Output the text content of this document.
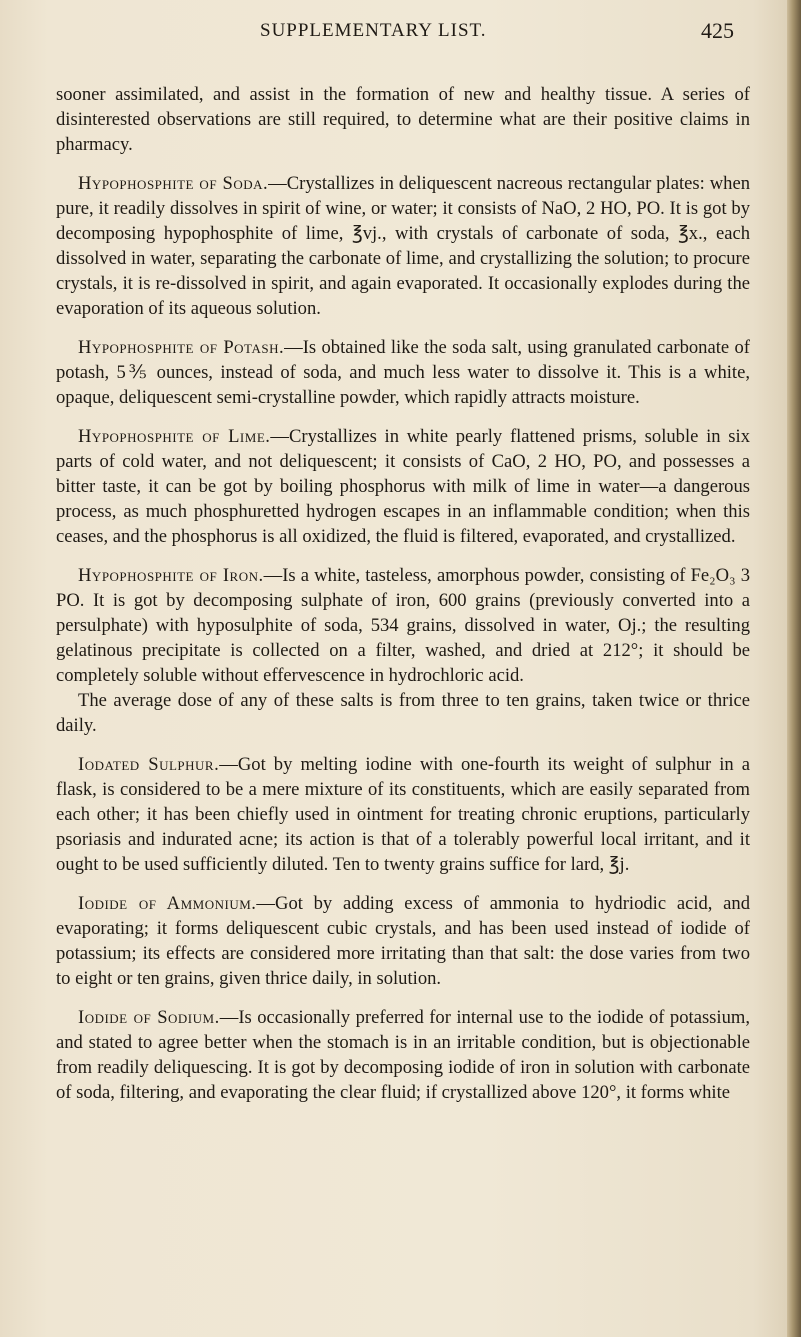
SUPPLEMENTARY LIST.	425

sooner assimilated, and assist in the formation of new and healthy tissue. A series of disinterested observations are still required, to determine what are their positive claims in pharmacy.

Hypophosphite of Soda.—Crystallizes in deliquescent nacreous rectangular plates: when pure, it readily dissolves in spirit of wine, or water; it consists of NaO, 2 HO, PO. It is got by decomposing hypophosphite of lime, ℥vj., with crystals of carbonate of soda, ℥x., each dissolved in water, separating the carbonate of lime, and crystallizing the solution; to procure crystals, it is re-dissolved in spirit, and again evaporated. It occasionally explodes during the evaporation of its aqueous solution.

Hypophosphite of Potash.—Is obtained like the soda salt, using granulated carbonate of potash, 5⅗ ounces, instead of soda, and much less water to dissolve it. This is a white, opaque, deliquescent semi-crystalline powder, which rapidly attracts moisture.

Hypophosphite of Lime.—Crystallizes in white pearly flattened prisms, soluble in six parts of cold water, and not deliquescent; it consists of CaO, 2 HO, PO, and possesses a bitter taste, it can be got by boiling phosphorus with milk of lime in water—a dangerous process, as much phosphuretted hydrogen escapes in an inflammable condition; when this ceases, and the phosphorus is all oxidized, the fluid is filtered, evaporated, and crystallized.

Hypophosphite of Iron.—Is a white, tasteless, amorphous powder, consisting of Fe₂O₃ 3 PO. It is got by decomposing sulphate of iron, 600 grains (previously converted into a persulphate) with hyposulphite of soda, 534 grains, dissolved in water, Oj.; the resulting gelatinous precipitate is collected on a filter, washed, and dried at 212°; it should be completely soluble without effervescence in hydrochloric acid.

The average dose of any of these salts is from three to ten grains, taken twice or thrice daily.

Iodated Sulphur.—Got by melting iodine with one-fourth its weight of sulphur in a flask, is considered to be a mere mixture of its constituents, which are easily separated from each other; it has been chiefly used in ointment for treating chronic eruptions, particularly psoriasis and indurated acne; its action is that of a tolerably powerful local irritant, and it ought to be used sufficiently diluted. Ten to twenty grains suffice for lard, ℥j.

Iodide of Ammonium.—Got by adding excess of ammonia to hydriodic acid, and evaporating; it forms deliquescent cubic crystals, and has been used instead of iodide of potassium; its effects are considered more irritating than that salt: the dose varies from two to eight or ten grains, given thrice daily, in solution.

Iodide of Sodium.—Is occasionally preferred for internal use to the iodide of potassium, and stated to agree better when the stomach is in an irritable condition, but is objectionable from readily deliquescing. It is got by decomposing iodide of iron in solution with carbonate of soda, filtering, and evaporating the clear fluid; if crystallized above 120°, it forms white
